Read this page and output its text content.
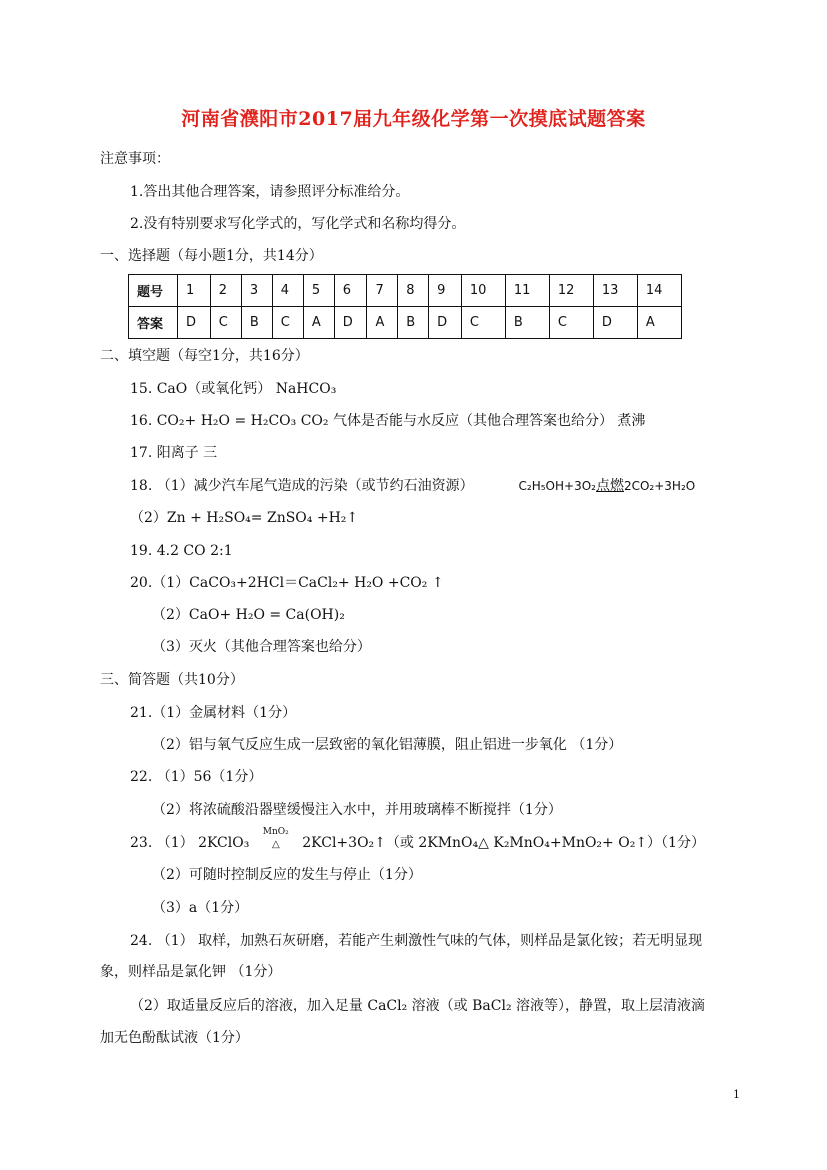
河南省濮阳市2017届九年级化学第一次摸底试题答案
注意事项：
1.答出其他合理答案，请参照评分标准给分。
2.没有特别要求写化学式的，写化学式和名称均得分。
一、选择题（每小题1分，共14分）
题号	1	2	3	4	5	6	7	8	9	10	11	12	13	14
答案	D	C	B	C	A	D	A	B	D	C	B	C	D	A
二、填空题（每空1分，共16分）
15. CaO（或氧化钙） NaHCO₃
16. CO₂+ H₂O = H₂CO₃ CO₂ 气体是否能与水反应（其他合理答案也给分） 煮沸
17. 阳离子 三
18. （1）减少汽车尾气造成的污染（或节约石油资源）	C₂H₅OH+3O₂点燃2CO₂+3H₂O
（2）Zn + H₂SO₄= ZnSO₄ +H₂↑
19. 4.2 CO 2:1
20.（1）CaCO₃+2HCl＝CaCl₂+ H₂O +CO₂ ↑
（2）CaO+ H₂O = Ca(OH)₂
（3）灭火（其他合理答案也给分）
三、简答题（共10分）
21.（1）金属材料（1分）
（2）铝与氧气反应生成一层致密的氧化铝薄膜，阻止铝进一步氧化 （1分）
22. （1）56（1分）
（2）将浓硫酸沿器壁缓慢注入水中，并用玻璃棒不断搅拌（1分）
23. （1） 2KClO₃
MnO₂
△ 2KCl+3O₂↑（或 2KMnO₄△ K₂MnO₄+MnO₂+ O₂↑）（1分）
（2）可随时控制反应的发生与停止（1分）
（3）a（1分）
24. （1） 取样，加熟石灰研磨，若能产生刺激性气味的气体，则样品是氯化铵；若无明显现
象，则样品是氯化钾 （1分）
（2）取适量反应后的溶液，加入足量 CaCl₂ 溶液（或 BaCl₂ 溶液等），静置，取上层清液滴
加无色酚酞试液（1分）
1
